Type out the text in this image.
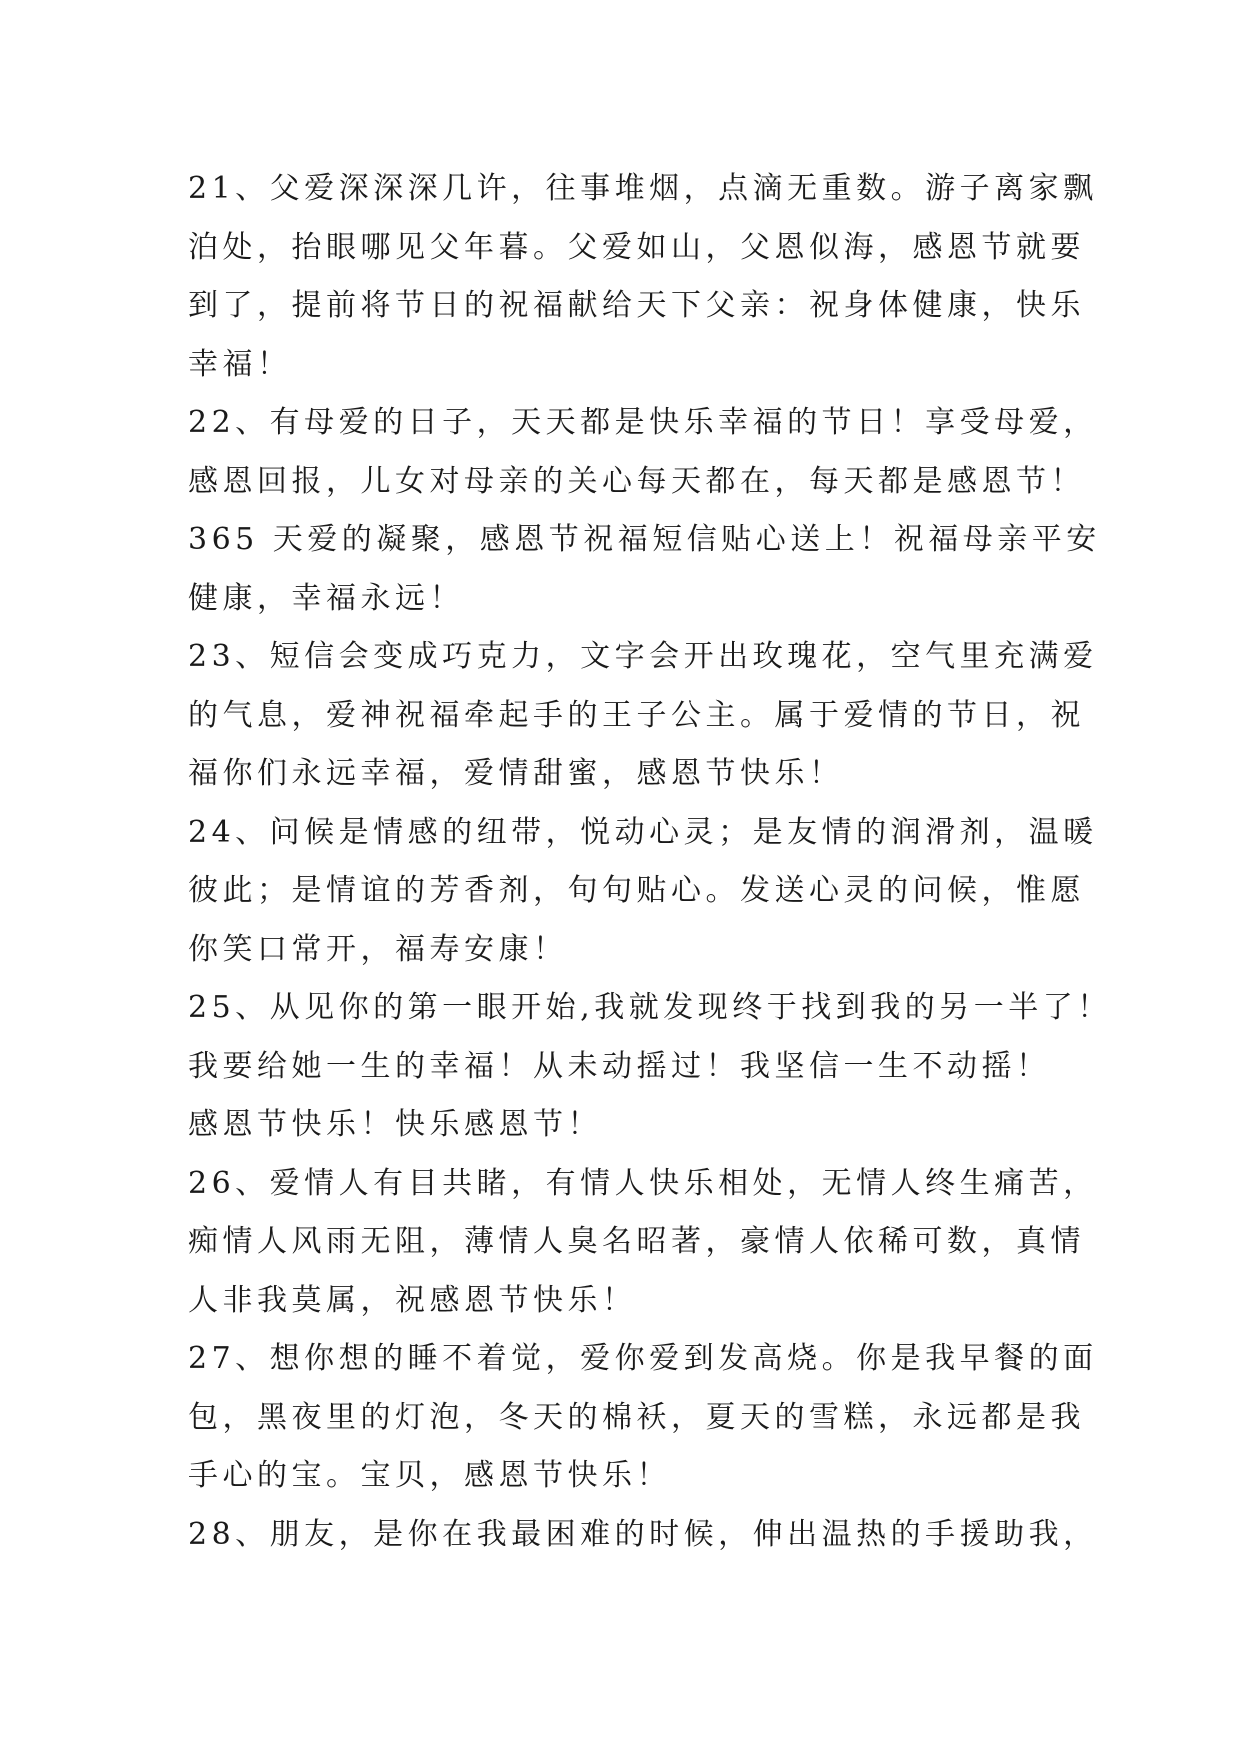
21、父爱深深深几许，往事堆烟，点滴无重数。游子离家飘
泊处，抬眼哪见父年暮。父爱如山，父恩似海，感恩节就要
到了，提前将节日的祝福献给天下父亲：祝身体健康，快乐
幸福！
22、有母爱的日子，天天都是快乐幸福的节日！享受母爱，
感恩回报，儿女对母亲的关心每天都在，每天都是感恩节！
365 天爱的凝聚，感恩节祝福短信贴心送上！祝福母亲平安
健康，幸福永远！
23、短信会变成巧克力，文字会开出玫瑰花，空气里充满爱
的气息，爱神祝福牵起手的王子公主。属于爱情的节日，祝
福你们永远幸福，爱情甜蜜，感恩节快乐！
24、问候是情感的纽带，悦动心灵；是友情的润滑剂，温暖
彼此；是情谊的芳香剂，句句贴心。发送心灵的问候，惟愿
你笑口常开，福寿安康！
25、从见你的第一眼开始,我就发现终于找到我的另一半了！
我要给她一生的幸福！从未动摇过！我坚信一生不动摇！
感恩节快乐！快乐感恩节！
26、爱情人有目共睹，有情人快乐相处，无情人终生痛苦，
痴情人风雨无阻，薄情人臭名昭著，豪情人依稀可数，真情
人非我莫属，祝感恩节快乐！
27、想你想的睡不着觉，爱你爱到发高烧。你是我早餐的面
包，黑夜里的灯泡，冬天的棉袄，夏天的雪糕，永远都是我
手心的宝。宝贝，感恩节快乐！
28、朋友，是你在我最困难的时候，伸出温热的手援助我，
